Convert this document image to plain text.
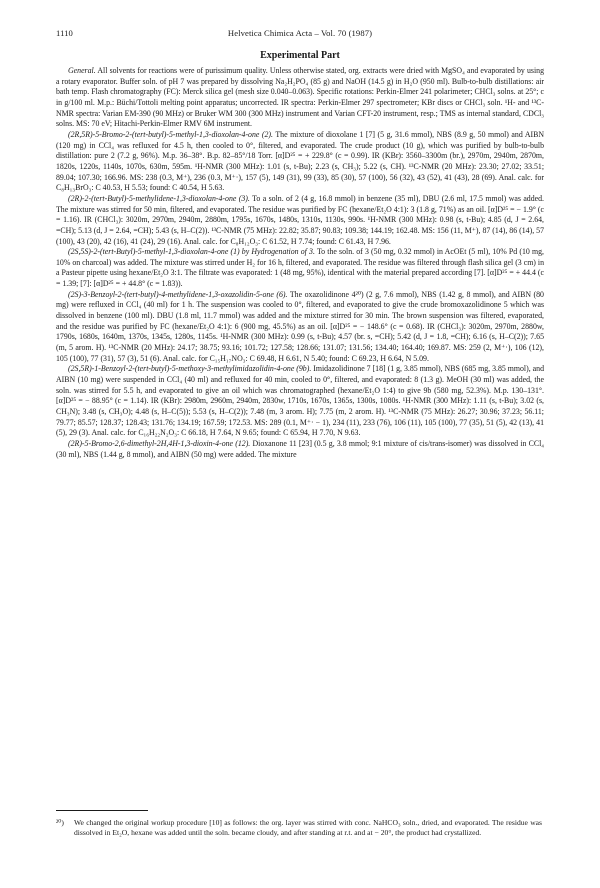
1110	Helvetica Chimica Acta – Vol. 70 (1987)
Experimental Part

General. All solvents for reactions were of puriss​imum quality. Unless otherwise stated, org. extracts were dried with MgSO₄ and evaporated by using a rotary evaporator. Buffer soln. of pH 7 was prepared by dissolving Na₂H₂PO₄ (85 g) and NaOH (14.5 g) in H₂O (950 ml). Bulb-to-bulb distillations: air bath temp. Flash chromatography (FC): Merck silica gel (mesh size 0.040–0.063). Specific rotations: Perkin-Elmer 241 polarimeter; CHCl₃ solns. at 25°; c in g/100 ml. M.p.: Büchi/Tottoli melting point apparatus; uncorrected. IR spectra: Perkin-Elmer 297 spectrometer; KBr discs or CHCl₃ soln. ¹H- and ¹³C-NMR spectra: Varian EM-390 (90 MHz) or Bruker WM 300 (300 MHz) instrument and Varian CFT-20 instrument, resp.; TMS as internal standard, CDCl₃ solns. MS: 70 eV; Hitachi-Perkin-Elmer RMV 6M instrument.

(2R,5R)-5-Bromo-2-(tert-butyl)-5-methyl-1,3-dioxolan-4-one (2). The mixture of dioxolane 1 [7] (5 g, 31.6 mmol), NBS (8.9 g, 50 mmol) and AIBN (120 mg) in CCl₄ was refluxed for 4.5 h, then cooled to 0°, filtered, and evaporated. The crude product (10 g), which was purified by bulb-to-bulb distillation: pure 2 (7.2 g, 96%). M.p. 36–38°. B.p. 82–85°/18 Torr. [α]D²⁵ = + 229.8° (c = 0.99). IR (KBr): 3560–3300m (br.), 2970m, 2940m, 2870m, 1820s, 1220s, 1140s, 1070s, 630m, 595m. ¹H-NMR (300 MHz): 1.01 (s, t-Bu); 2.23 (s, CH₃); 5.22 (s, CH). ¹³C-NMR (20 MHz): 23.30; 27.02; 33.51; 89.04; 107.30; 166.96. MS: 238 (0.3, M⁺), 236 (0.3, M⁺·), 157 (5), 149 (31), 99 (33), 85 (30), 57 (100), 56 (32), 43 (52), 41 (43), 28 (69). Anal. calc. for C₈H₁₃BrO₃: C 40.53, H 5.53; found: C 40.54, H 5.63.

(2R)-2-(tert-Butyl)-5-methylidene-1,3-dioxolan-4-one (3). To a soln. of 2 (4 g, 16.8 mmol) in benzene (35 ml), DBU (2.6 ml, 17.5 mmol) was added. The mixture was stirred for 50 min, filtered, and evaporated. The residue was purified by FC (hexane/Et₂O 4:1): 3 (1.8 g, 71%) as an oil. [α]D²⁵ = − 1.9° (c = 1.16). IR (CHCl₃): 3020m, 2970m, 2940m, 2880m, 1795s, 1670s, 1480s, 1310s, 1130s, 990s. ¹H-NMR (300 MHz): 0.98 (s, t-Bu); 4.85 (d, J = 2.64, =CH); 5.13 (d, J = 2.64, =CH); 5.43 (s, H–C(2)). ¹³C-NMR (75 MHz): 22.82; 35.87; 90.83; 109.38; 144.19; 162.48. MS: 156 (11, M⁺), 87 (14), 86 (14), 57 (100), 43 (20), 42 (16), 41 (24), 29 (16). Anal. calc. for C₈H₁₂O₃: C 61.52, H 7.74; found: C 61.43, H 7.96.

(2S,5S)-2-(tert-Butyl)-5-methyl-1,3-dioxolan-4-one (1) by Hydrogenation of 3. To the soln. of 3 (50 mg, 0.32 mmol) in AcOEt (5 ml), 10% Pd (10 mg, 10% on charcoal) was added. The mixture was stirred under H₂ for 16 h, filtered, and evaporated. The residue was filtered through flash silica gel (3 cm) in a Pasteur pipette using hexane/Et₂O 3:1. The filtrate was evaporated: 1 (48 mg, 95%), identical with the material prepared according [7]. [α]D²⁵ = + 44.4 (c = 1.39; [7]: [α]D²⁵ = + 44.8° (c = 1.83)).

(2S)-3-Benzoyl-2-(tert-butyl)-4-methylidene-1,3-oxazolidin-5-one (6). The oxazolidinone 4²⁰) (2 g, 7.6 mmol), NBS (1.42 g, 8 mmol), and AIBN (80 mg) were refluxed in CCl₄ (40 ml) for 1 h. The suspension was cooled to 0°, filtered, and evaporated to give the crude bromoxazolidinone 5 which was dissolved in benzene (100 ml). DBU (1.8 ml, 11.7 mmol) was added and the mixture stirred for 30 min. The brown suspension was filtered, evaporated, and the residue was purified by FC (hexane/Et₂O 4:1): 6 (900 mg, 45.5%) as an oil. [α]D²⁵ = − 148.6° (c = 0.68). IR (CHCl₃): 3020m, 2970m, 2880w, 1790s, 1680s, 1640m, 1370s, 1345s, 1280s, 1145s. ¹H-NMR (300 MHz): 0.99 (s, t-Bu); 4.57 (br. s, =CH); 5.42 (d, J = 1.8, =CH); 6.16 (s, H–C(2)); 7.65 (m, 5 arom. H). ¹³C-NMR (20 MHz): 24.17; 38.75; 93.16; 101.72; 127.58; 128.66; 131.07; 131.56; 134.40; 164.40; 169.87. MS: 259 (2, M⁺·), 106 (12), 105 (100), 77 (31), 57 (3), 51 (6). Anal. calc. for C₁₅H₁₇NO₃: C 69.48, H 6.61, N 5.40; found: C 69.23, H 6.64, N 5.09.

(2S,5R)-1-Benzoyl-2-(tert-butyl)-5-methoxy-3-methylimidazolidin-4-one (9b). Imidazolidinone 7 [18] (1 g, 3.85 mmol), NBS (685 mg, 3.85 mmol), and AIBN (10 mg) were suspended in CCl₄ (40 ml) and refluxed for 40 min, cooled to 0°, filtered, and evaporated: 8 (1.3 g). MeOH (30 ml) was added, the soln. was stirred for 5.5 h, and evaporated to give an oil which was chromatographed (hexane/Et₂O 1:4) to give 9b (580 mg, 52.3%). M.p. 130–131°. [α]D²⁵ = − 88.95° (c = 1.14). IR (KBr): 2980m, 2960m, 2940m, 2830w, 1710s, 1670s, 1365s, 1300s, 1080s. ¹H-NMR (300 MHz): 1.11 (s, t-Bu); 3.02 (s, CH₃N); 3.48 (s, CH₃O); 4.48 (s, H–C(5)); 5.53 (s, H–C(2)); 7.48 (m, 3 arom. H); 7.75 (m, 2 arom. H). ¹³C-NMR (75 MHz): 26.27; 30.96; 37.23; 56.11; 79.77; 85.57; 128.37; 128.43; 131.76; 134.19; 167.59; 172.53. MS: 289 (0.1, M⁺· − 1), 234 (11), 233 (76), 106 (11), 105 (100), 77 (35), 51 (5), 42 (13), 41 (5), 29 (3). Anal. calc. for C₁₆H₂₂N₂O₃: C 66.18, H 7.64, N 9.65; found: C 65.94, H 7.70, N 9.63.

(2R)-5-Bromo-2,6-dimethyl-2H,4H-1,3-dioxin-4-one (12). Dioxanone 11 [23] (0.5 g, 3.8 mmol; 9:1 mixture of cis/trans-isomer) was dissolved in CCl₄ (30 ml), NBS (1.44 g, 8 mmol), and AIBN (50 mg) were added. The mixture

²⁰) We changed the original workup procedure [10] as follows: the org. layer was stirred with conc. NaHCO₃ soln., dried, and evaporated. The residue was dissolved in Et₂O, hexane was added until the soln. became cloudy, and after standing at r.t. and at − 20°, the product had crystallized.
